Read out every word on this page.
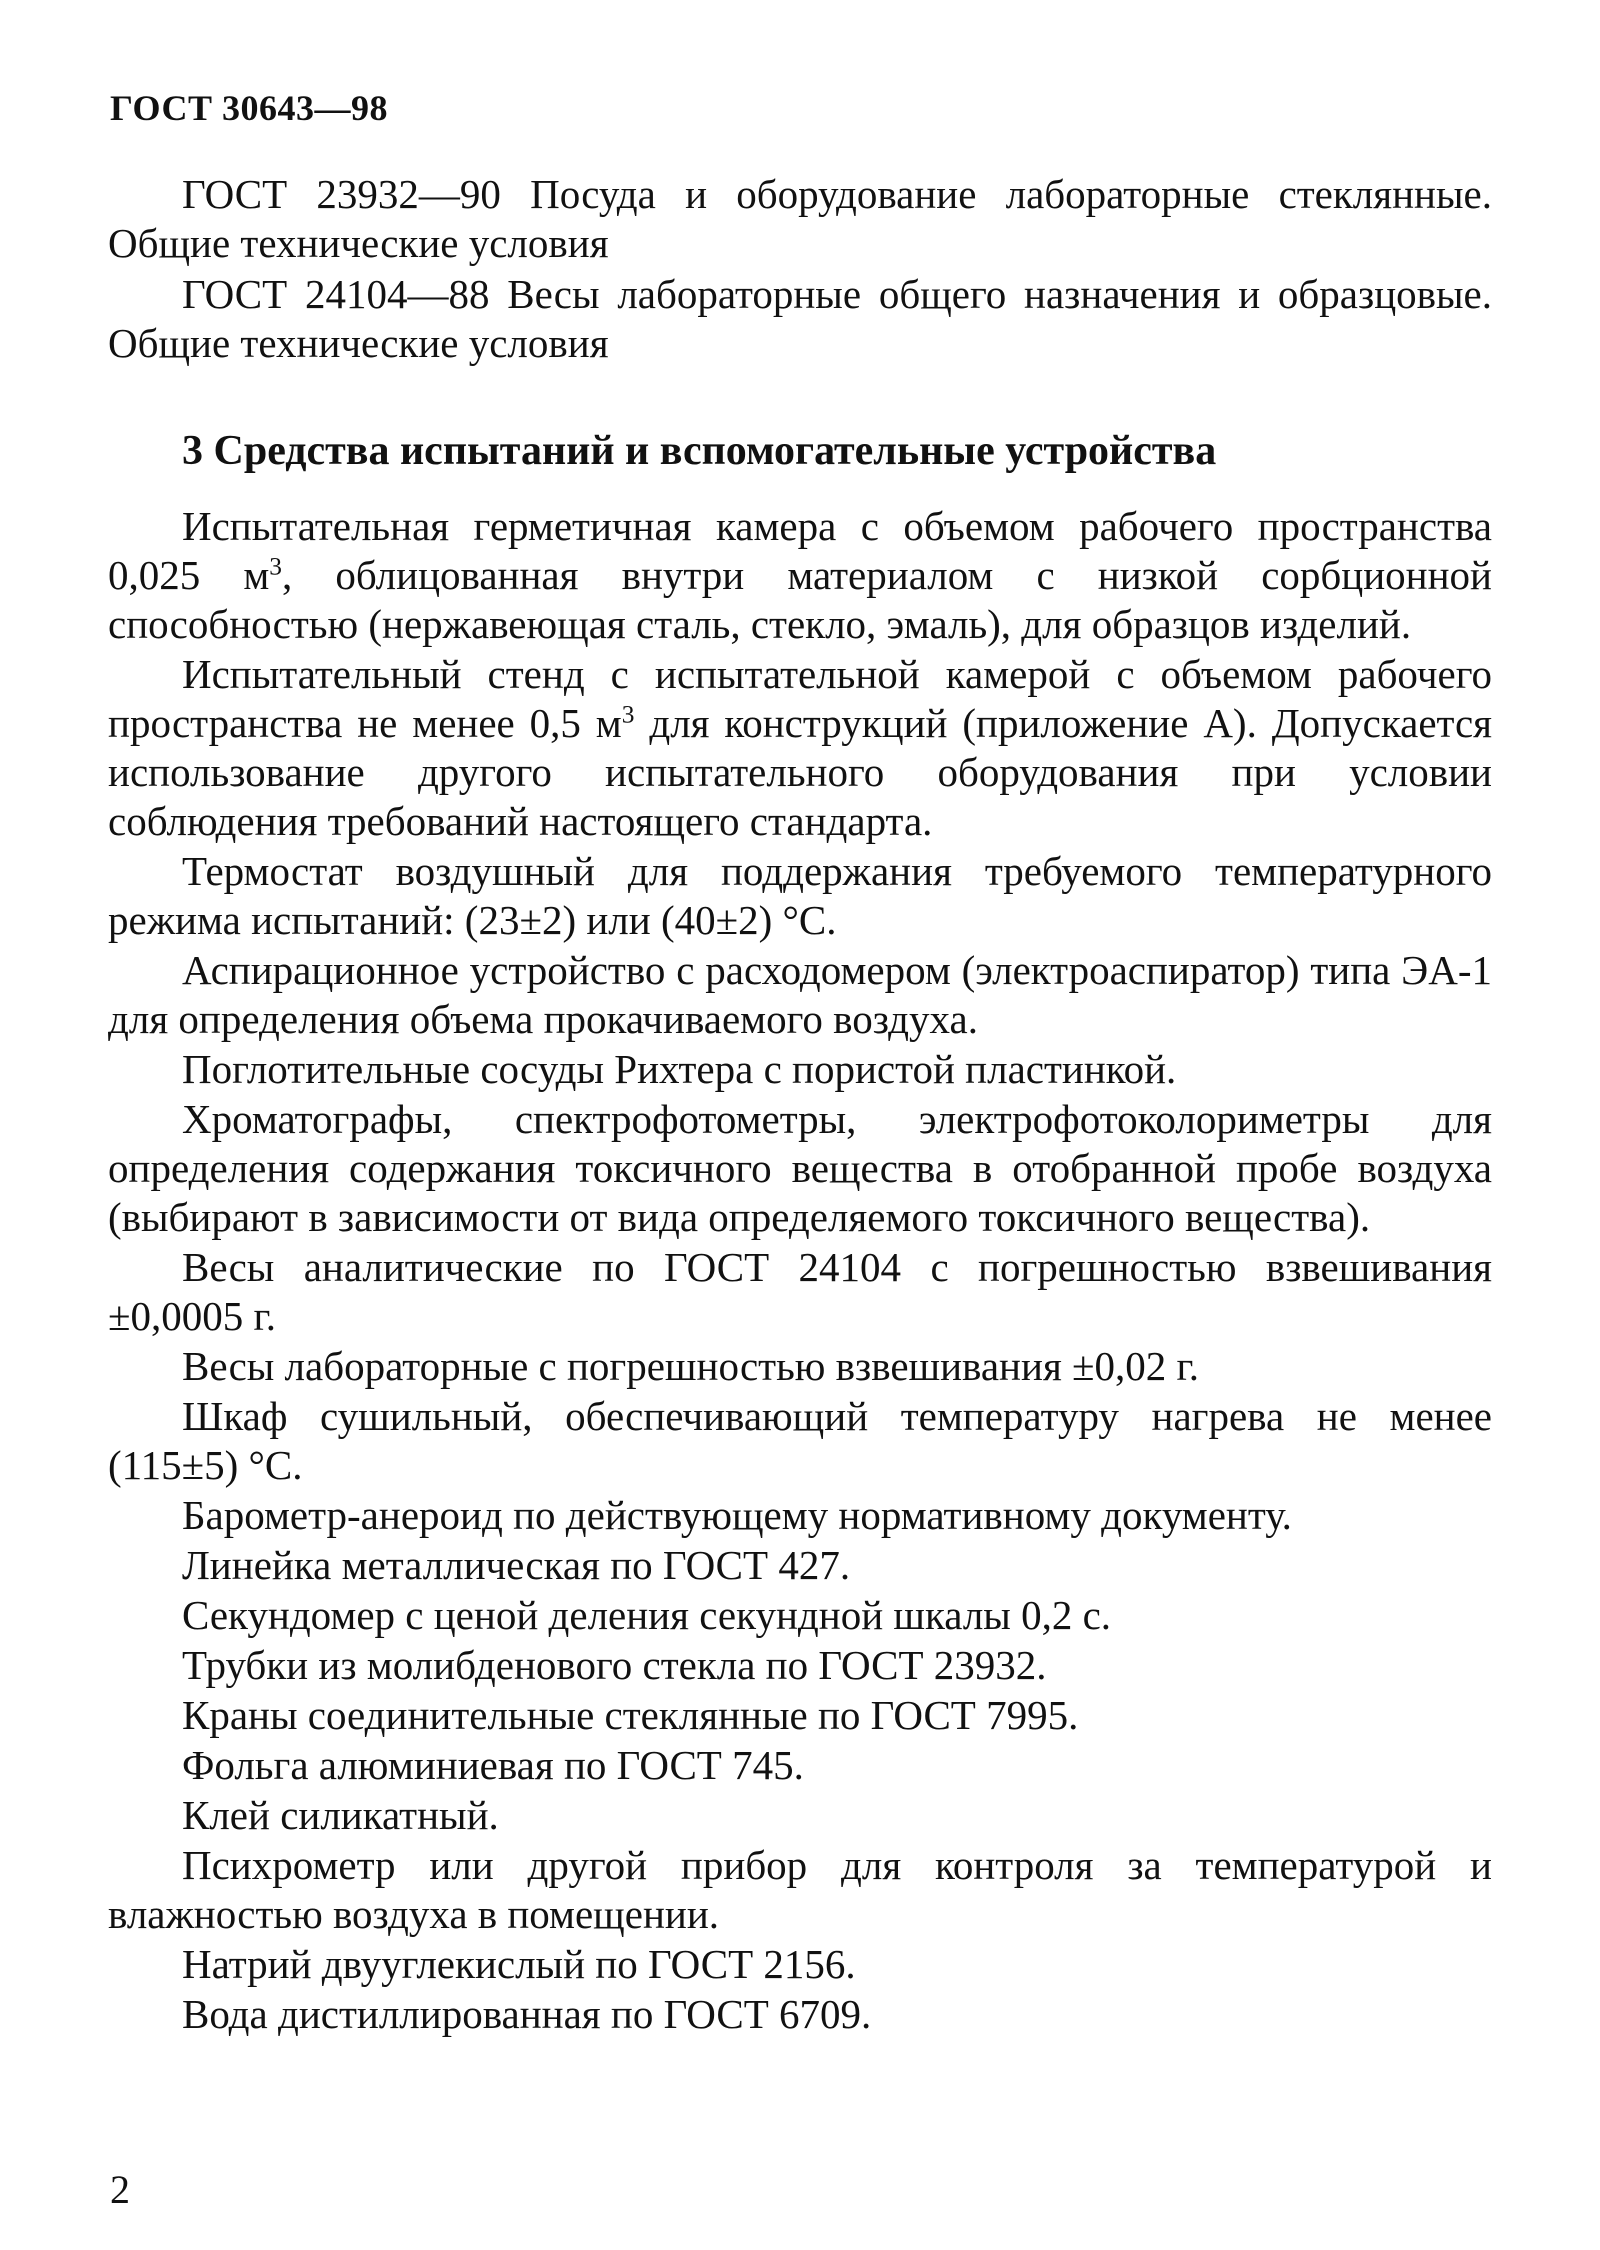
ГОСТ 30643—98

ГОСТ 23932—90 Посуда и оборудование лабораторные стеклянные. Общие технические условия

ГОСТ 24104—88 Весы лабораторные общего назначения и образцовые. Общие технические условия

3 Средства испытаний и вспомогательные устройства

Испытательная герметичная камера с объемом рабочего пространства 0,025 $м^3$, облицованная внутри материалом с низкой сорбционной способностью (нержавеющая сталь, стекло, эмаль), для образцов изделий.

Испытательный стенд с испытательной камерой с объемом рабочего пространства не менее 0,5 $м^3$ для конструкций (приложение А). Допускается использование другого испытательного оборудования при условии соблюдения требований настоящего стандарта.

Термостат воздушный для поддержания требуемого температурного режима испытаний: (23±2) или (40±2) °С.

Аспирационное устройство с расходомером (электроаспиратор) типа ЭА-1 для определения объема прокачиваемого воздуха.

Поглотительные сосуды Рихтера с пористой пластинкой.

Хроматографы, спектрофотометры, электрофотоколориметры для определения содержания токсичного вещества в отобранной пробе воздуха (выбирают в зависимости от вида определяемого токсичного вещества).

Весы аналитические по ГОСТ 24104 с погрешностью взвешивания ±0,0005 г.

Весы лабораторные с погрешностью взвешивания ±0,02 г.

Шкаф сушильный, обеспечивающий температуру нагрева не менее (115±5) °С.

Барометр-анероид по действующему нормативному документу.

Линейка металлическая по ГОСТ 427.

Секундомер с ценой деления секундной шкалы 0,2 с.

Трубки из молибденового стекла по ГОСТ 23932.

Краны соединительные стеклянные по ГОСТ 7995.

Фольга алюминиевая по ГОСТ 745.

Клей силикатный.

Психрометр или другой прибор для контроля за температурой и влажностью воздуха в помещении.

Натрий двууглекислый по ГОСТ 2156.

Вода дистиллированная по ГОСТ 6709.

2
